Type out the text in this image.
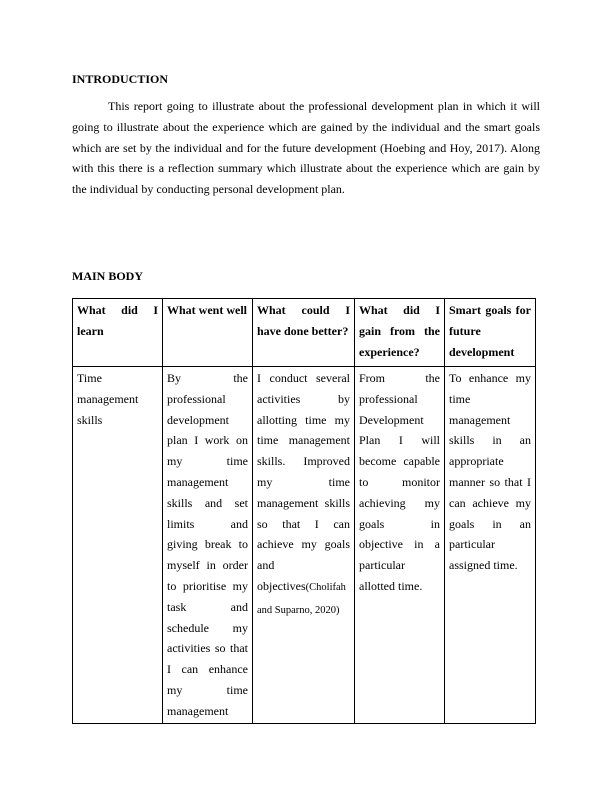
INTRODUCTION

This report going to illustrate about the professional development plan in which it will going to illustrate about the experience which are gained by the individual and the smart goals which are set by the individual and for the future development (Hoebing and Hoy, 2017). Along with this there is a reflection summary which illustrate about the experience which are gain by the individual by conducting personal development plan.

MAIN BODY
What did I learn	What went well	What could I have done better?	What did I gain from the experience?	Smart goals for future development
Time management skills	By the professional development plan I work on my time management skills and set limits and giving break to myself in order to prioritise my task and schedule my activities so that I can enhance my time management	I conduct several activities by allotting time my time management skills. Improved my time management skills so that I can achieve my goals and objectives(Cholifah and Suparno, 2020)	From the professional Development Plan I will become capable to monitor achieving my goals in objective in a particular allotted time.	To enhance my time management skills in an appropriate manner so that I can achieve my goals in an particular assigned time.
